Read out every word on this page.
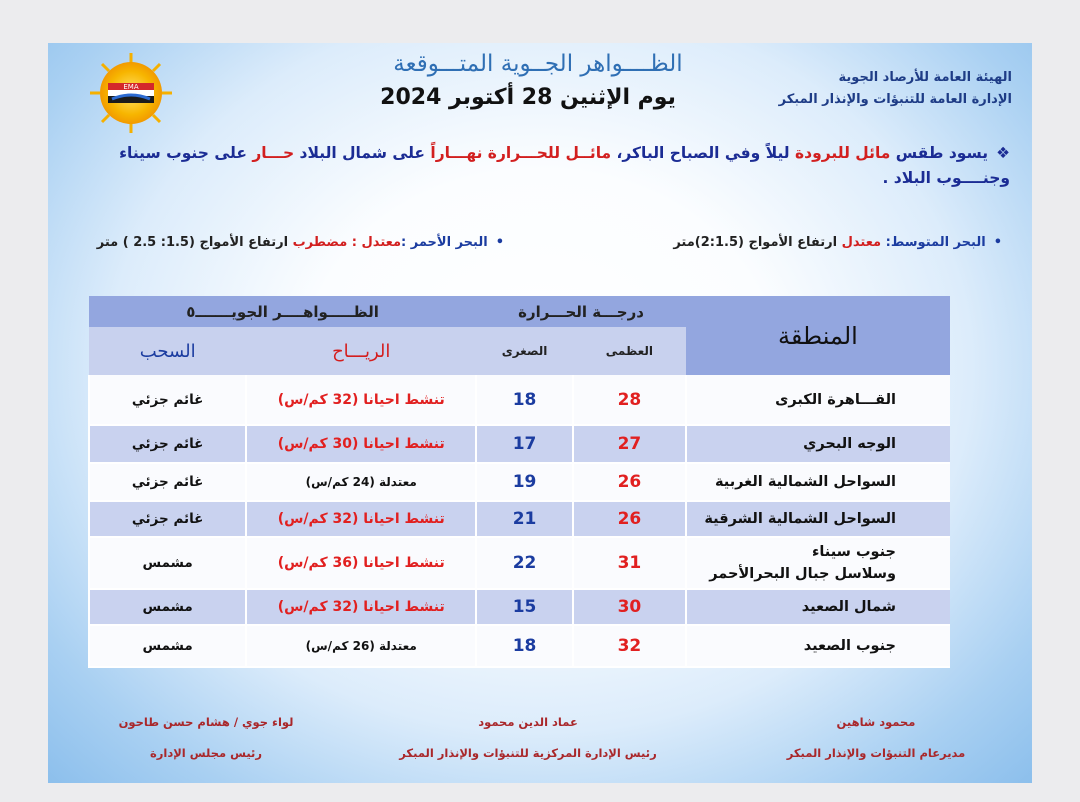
EMA
الظــــواهر الجــوية المتـــوقعة
يوم الإثنين 28 أكتوبر 2024
الهيئة العامة للأرصاد الجوية
الإدارة العامة للتنبؤات والإنذار المبكر
❖يسود طقس مائل للبرودة ليلاً وفي الصباح الباكر، مائــل للحـــرارة نهـــاراً على شمال البلاد حـــار على جنوب سيناء وجنــــوب البلاد .
•البحر المتوسط: معتدل ارتفاع الأمواج (2:1.5)متر
•البحر الأحمر :معتدل : مضطرب ارتفاع الأمواج (1.5: 2.5 ) متر
المنطقة	درجـــة الحـــرارة		الظـــــواهــــر الجويـــــــ٥	
	العظمى	الصغرى	الريـــاح	السحب
القـــاهرة الكبرى	28	18	تنشط احيانا (32 كم/س)	غائم جزئي
الوجه البحري	27	17	تنشط احيانا (30 كم/س)	غائم جزئي
السواحل الشمالية الغربية	26	19	معتدلة (24 كم/س)	غائم جزئي
السواحل الشمالية الشرقية	26	21	تنشط احيانا (32 كم/س)	غائم جزئي

جنوب سيناء
وسلاسل جبال البحرالأحمر	31	22	تنشط احيانا (36 كم/س)	مشمس
شمال الصعيد	30	15	تنشط احيانا (32 كم/س)	مشمس
جنوب الصعيد	32	18	معتدلة (26 كم/س)	مشمس
محمود شاهين
مديرعام التنبؤات والإنذار المبكر
عماد الدين محمود
رئيس الإدارة المركزية للتنبؤات والإنذار المبكر
لواء جوي / هشام حسن طاحون
رئيس مجلس الإدارة
